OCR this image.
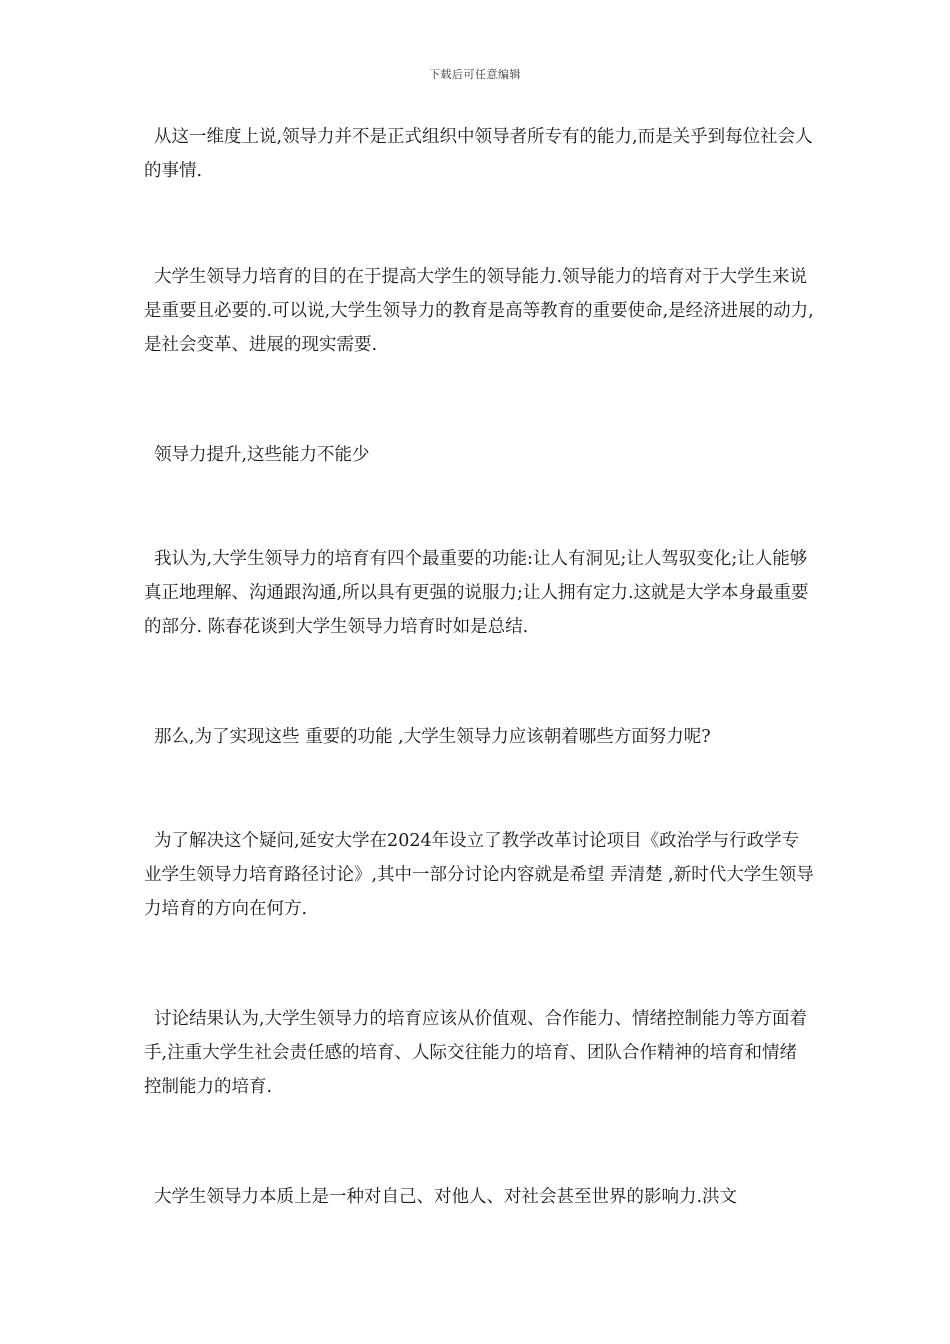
下载后可任意编辑

从这一维度上说,领导力并不是正式组织中领导者所专有的能力,而是关乎到每位社会人的事情.

大学生领导力培育的目的在于提高大学生的领导能力.领导能力的培育对于大学生来说是重要且必要的.可以说,大学生领导力的教育是高等教育的重要使命,是经济进展的动力,是社会变革、进展的现实需要.

领导力提升,这些能力不能少

我认为,大学生领导力的培育有四个最重要的功能:让人有洞见;让人驾驭变化;让人能够真正地理解、沟通跟沟通,所以具有更强的说服力;让人拥有定力.这就是大学本身最重要的部分. 陈春花谈到大学生领导力培育时如是总结.

那么,为了实现这些 重要的功能 ,大学生领导力应该朝着哪些方面努力呢?

为了解决这个疑问,延安大学在2024年设立了教学改革讨论项目《政治学与行政学专业学生领导力培育路径讨论》,其中一部分讨论内容就是希望 弄清楚 ,新时代大学生领导力培育的方向在何方.

讨论结果认为,大学生领导力的培育应该从价值观、合作能力、情绪控制能力等方面着手,注重大学生社会责任感的培育、人际交往能力的培育、团队合作精神的培育和情绪控制能力的培育.

大学生领导力本质上是一种对自己、对他人、对社会甚至世界的影响力.洪文
